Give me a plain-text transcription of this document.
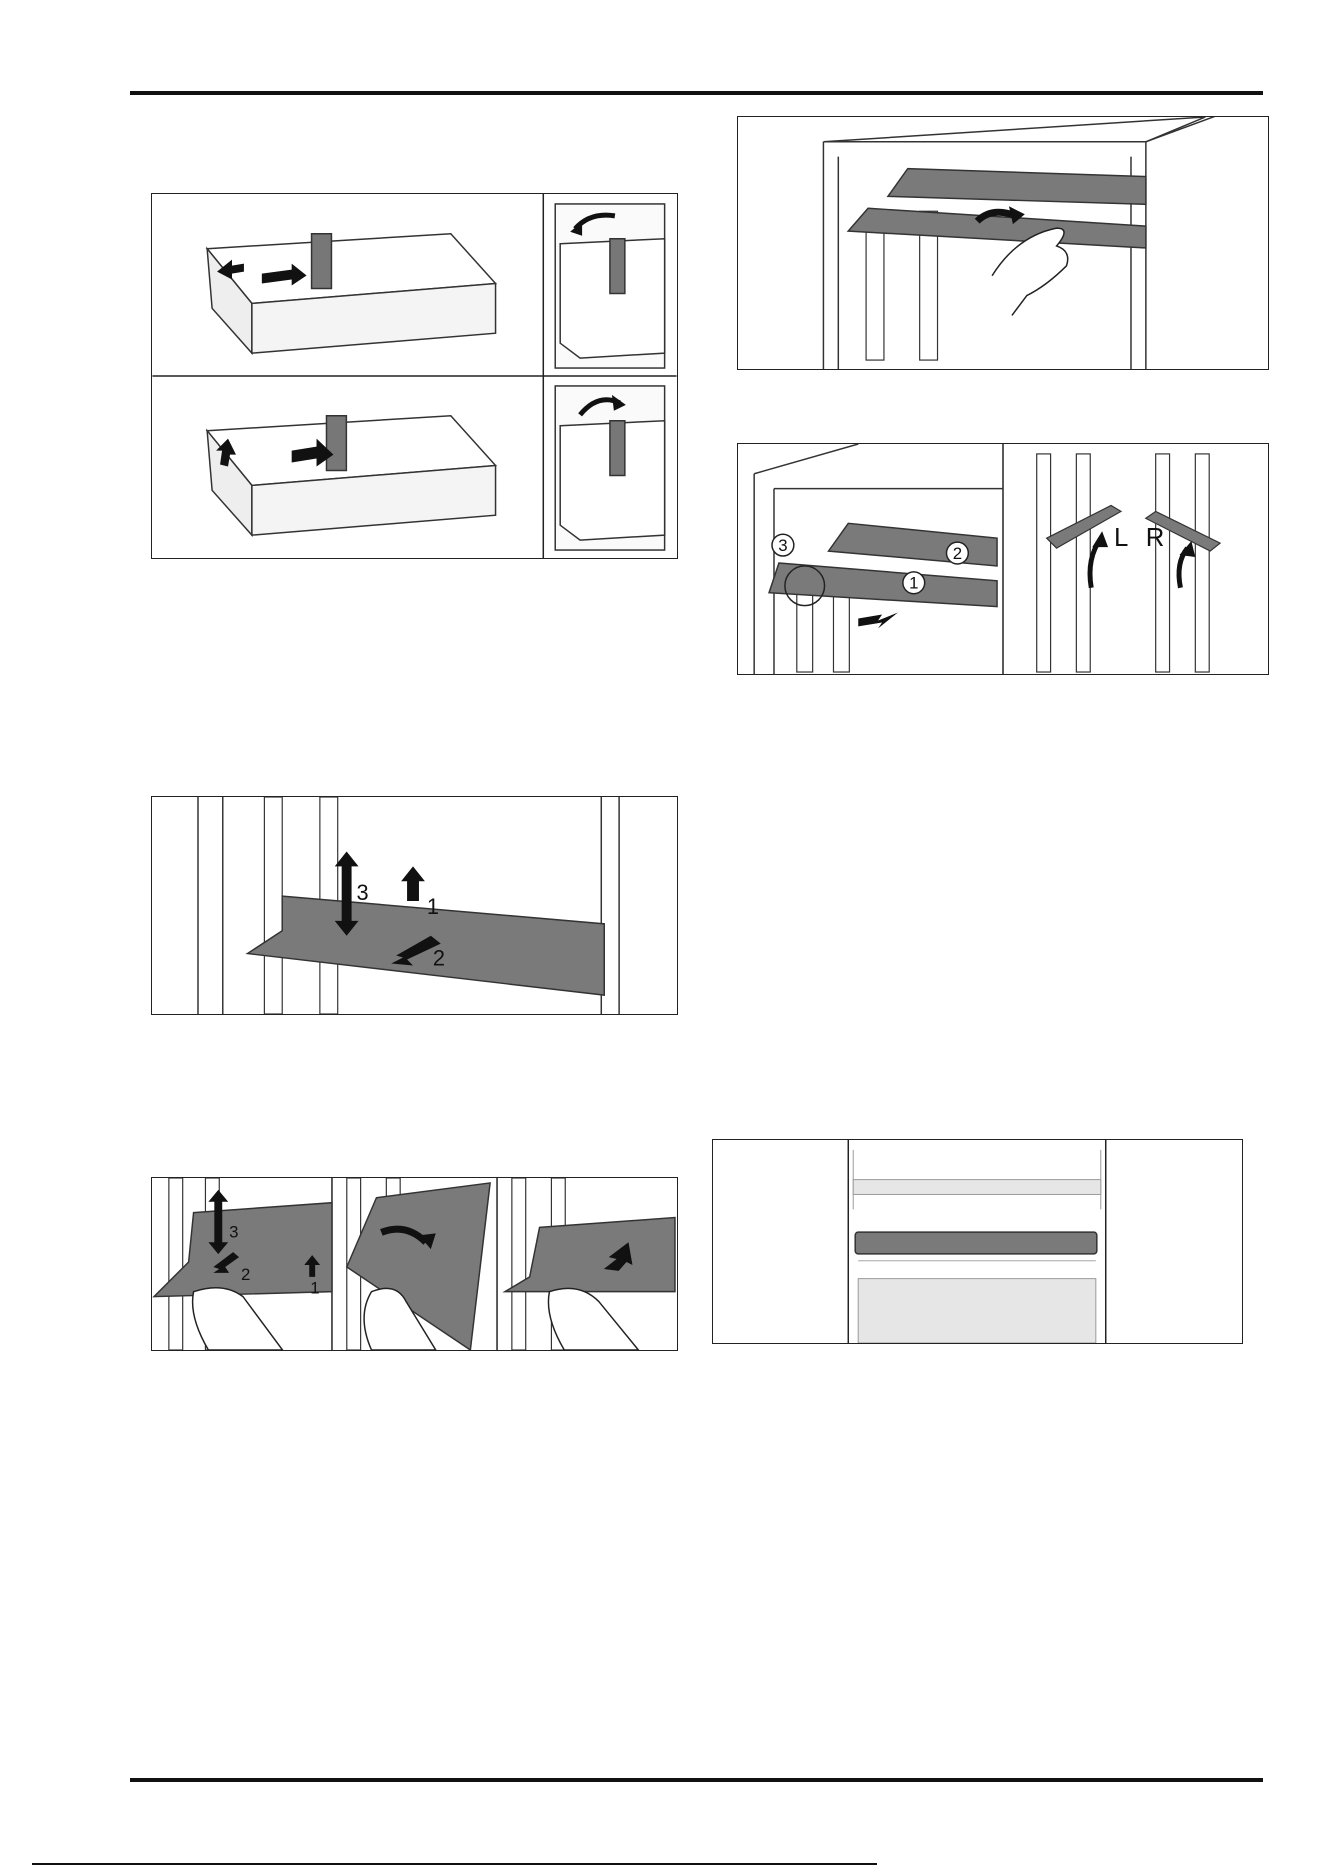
3	2
1
L R
3
1
2
3
2
1
